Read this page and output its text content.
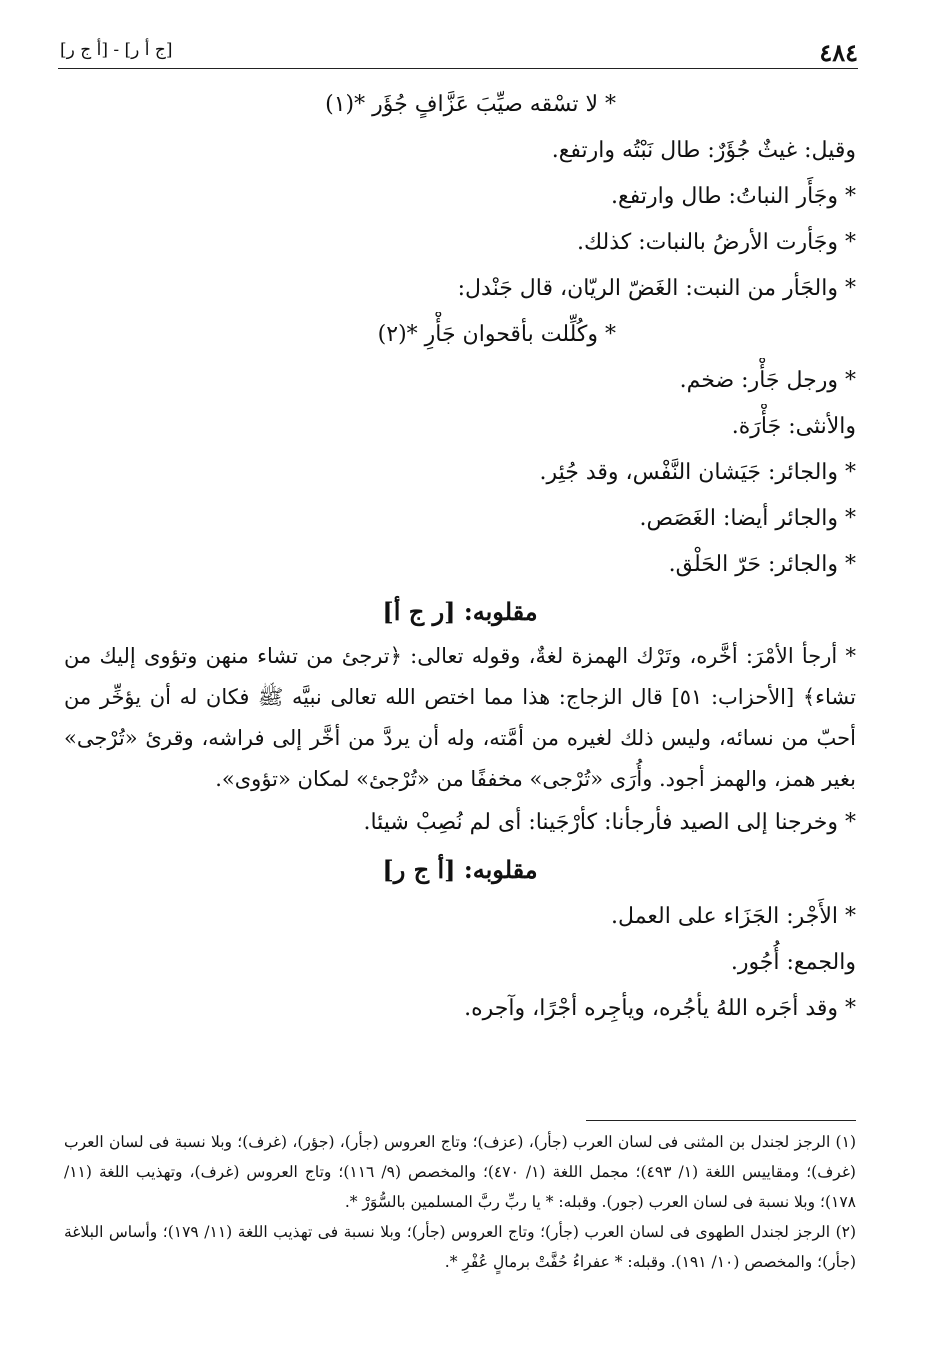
[ج أ ر] - [أ ج ر]	٤٨٤
* لا تسْقه صيِّبَ عَزَّافٍ جُؤَر *(١)
وقيل: غيثٌ جُؤَرٌ: طال نَبْتُه وارتفع.
* وجَأَر النباتُ: طال وارتفع.
* وجَأرت الأرضُ بالنبات: كذلك.
* والجَأر من النبت: الغَضّ الريّان، قال جَنْدل:
* وكُلِّلت بأقحوان جَأْرِ *(٢)
* ورجل جَأْر: ضخم.
والأنثى: جَأْرَة.
* والجائر: جَيَشان النَّفْس، وقد جُئِر.
* والجائر أيضا: الغَصَص.
* والجائر: حَرّ الحَلْق.
مقلوبه: [ر ج أ]
* أرجأ الأمْرَ: أخَّره، وتَرْك الهمزة لغةٌ، وقوله تعالى: ﴿ترجئ من تشاء منهن وتؤوى إليك من تشاء﴾ [الأحزاب: ٥١] قال الزجاج: هذا مما اختص الله تعالى نبيَّه ﷺ فكان له أن يؤخِّر من أحبّ من نسائه، وليس ذلك لغيره من أمَّته، وله أن يردَّ من أخَّر إلى فراشه، وقرئ «تُرْجى» بغير همز، والهمز أجود. وأُرَى «تُرْجى» مخففًا من «تُرْجئ» لمكان «تؤوى».
* وخرجنا إلى الصيد فأرجأنا: كأرْجَينا: أى لم نُصِبْ شيئا.
مقلوبه: [أ ج ر]
* الأَجْر: الجَزَاء على العمل.
والجمع: أُجُور.
* وقد أجَره اللهُ يأجُره، ويأجِره أجْرًا، وآجره.
(١) الرجز لجندل بن المثنى فى لسان العرب (جأر)، (عزف)؛ وتاج العروس (جأر)، (جؤر)، (غرف)؛ وبلا نسبة فى لسان العرب (غرف)؛ ومقاييس اللغة (١/ ٤٩٣)؛ مجمل اللغة (١/ ٤٧٠)؛ والمخصص (٩/ ١١٦)؛ وتاج العروس (غرف)، وتهذيب اللغة (١١/ ١٧٨)؛ وبلا نسبة فى لسان العرب (جور). وقبله: * يا ربِّ ربَّ المسلمين بالسُّوَرْ *.
(٢) الرجز لجندل الطهوى فى لسان العرب (جأر)؛ وتاج العروس (جأر)؛ وبلا نسبة فى تهذيب اللغة (١١/ ١٧٩)؛ وأساس البلاغة (جأر)؛ والمخصص (١٠/ ١٩١). وقبله: * عفراءُ حُفَّتْ برمالٍ عُفْرِ *.
